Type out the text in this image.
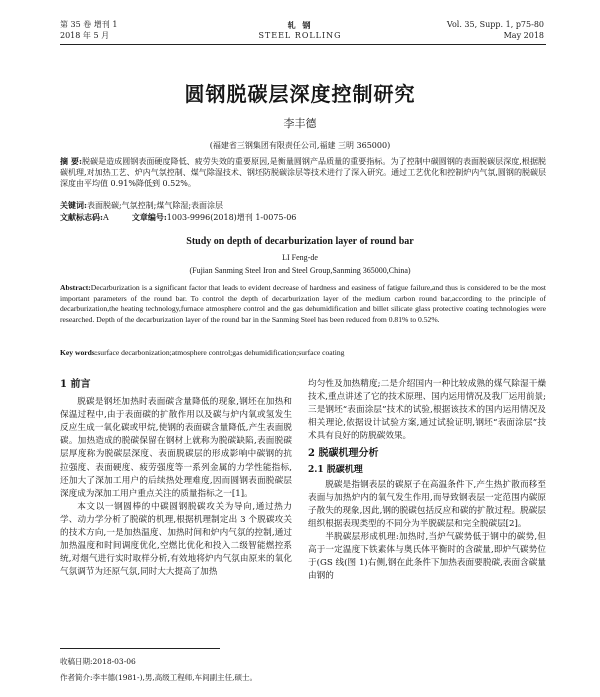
第 35 卷 增刊 1
2018 年 5 月
轧 钢
STEEL ROLLING
Vol. 35, Supp. 1, p75-80
May 2018
圆钢脱碳层深度控制研究
李丰德
(福建省三钢集团有限责任公司,福建 三明 365000)
摘 要:脱碳是造成圆钢表面硬度降低、疲劳失效的重要原因,是衡量圆钢产品质量的重要指标。为了控制中碳圆钢的表面脱碳层深度,根据脱碳机理,对加热工艺、炉内气氛控制、煤气除湿技术、钢坯防脱碳涂层等技术进行了深入研究。通过工艺优化和控制炉内气氛,圆钢的脱碳层深度由平均值 0.91%降低到 0.52%。
关键词:表面脱碳;气氛控制;煤气除湿;表面涂层
文献标志码:A	文章编号:1003-9996(2018)增刊 1-0075-06
Study on depth of decarburization layer of round bar
LI Feng-de
(Fujian Sanming Steel Iron and Steel Group,Sanming 365000,China)
Abstract:Decarburization is a significant factor that leads to evident decrease of hardness and easiness of fatigue failure,and thus is considered to be the most important parameters of the round bar. To control the depth of decarburization layer of the medium carbon round bar,according to the principle of decarburization,the heating technology,furnace atmosphere control and the gas dehumidification and billet silicate glass protective coating technologies were researched. Depth of the decarburization layer of the round bar in the Sanming Steel has been reduced from 0.81% to 0.52%.
Key words:surface decarbonization;atmosphere control;gas dehumidification;surface coating
1 前言

脱碳是钢坯加热时表面碳含量降低的现象,钢坯在加热和保温过程中,由于表面碳的扩散作用以及碳与炉内氧或氢发生反应生成一氧化碳或甲烷,使钢的表面碳含量降低,产生表面脱碳。加热造成的脱碳保留在钢材上就称为脱碳缺陷,表面脱碳层厚度称为脱碳层深度、表面脱碳层的形成影响中碳钢的抗拉强度、表面硬度、疲劳强度等一系列金属的力学性能指标,还加大了深加工用户的后续热处理难度,因而圆钢表面脱碳层深度成为深加工用户重点关注的质量指标之一[1]。

本文以一钢圆棒的中碳圆钢脱碳攻关为导向,通过热力学、动力学分析了脱碳的机理,根据机理制定出 3 个脱碳攻关的技术方向,一是加热温度、加热时间和炉内气氛的控制,通过加热温度和时间调度优化,空燃比优化和投入二级智能燃控系统,对烟气进行实时取样分析,有效地将炉内气氛由原来的氧化气氛调节为还原气氛,同时大大提高了加热

均匀性及加热精度;二是介绍国内一种比较成熟的煤气除湿干燥技术,重点讲述了它的技术原理、国内运用情况及我厂运用前景;三是钢坯“表面涂层”技术的试验,根据该技术的国内运用情况及相关理论,依据设计试验方案,通过试验证明,钢坯“表面涂层”技术具有良好的防脱碳效果。

2 脱碳机理分析
2.1 脱碳机理

脱碳是指钢表层的碳原子在高温条件下,产生热扩散而移至表面与加热炉内的氧气发生作用,而导致钢表层一定范围内碳原子散失的现象,因此,钢的脱碳包括反应和碳的扩散过程。脱碳层组织根据表现类型的不同分为半脱碳层和完全脱碳层[2]。

半脱碳层形成机理:加热时,当炉气碳势低于钢中的碳势,但高于一定温度下铁素体与奥氏体平衡时的含碳量,即炉气碳势位于(GS 线(图 1)右侧,钢在此条件下加热表面要脱碳,表面含碳量由钢的

收稿日期:2018-03-06
作者简介:李丰德(1981-),男,高级工程师,车间副主任,硕士。
